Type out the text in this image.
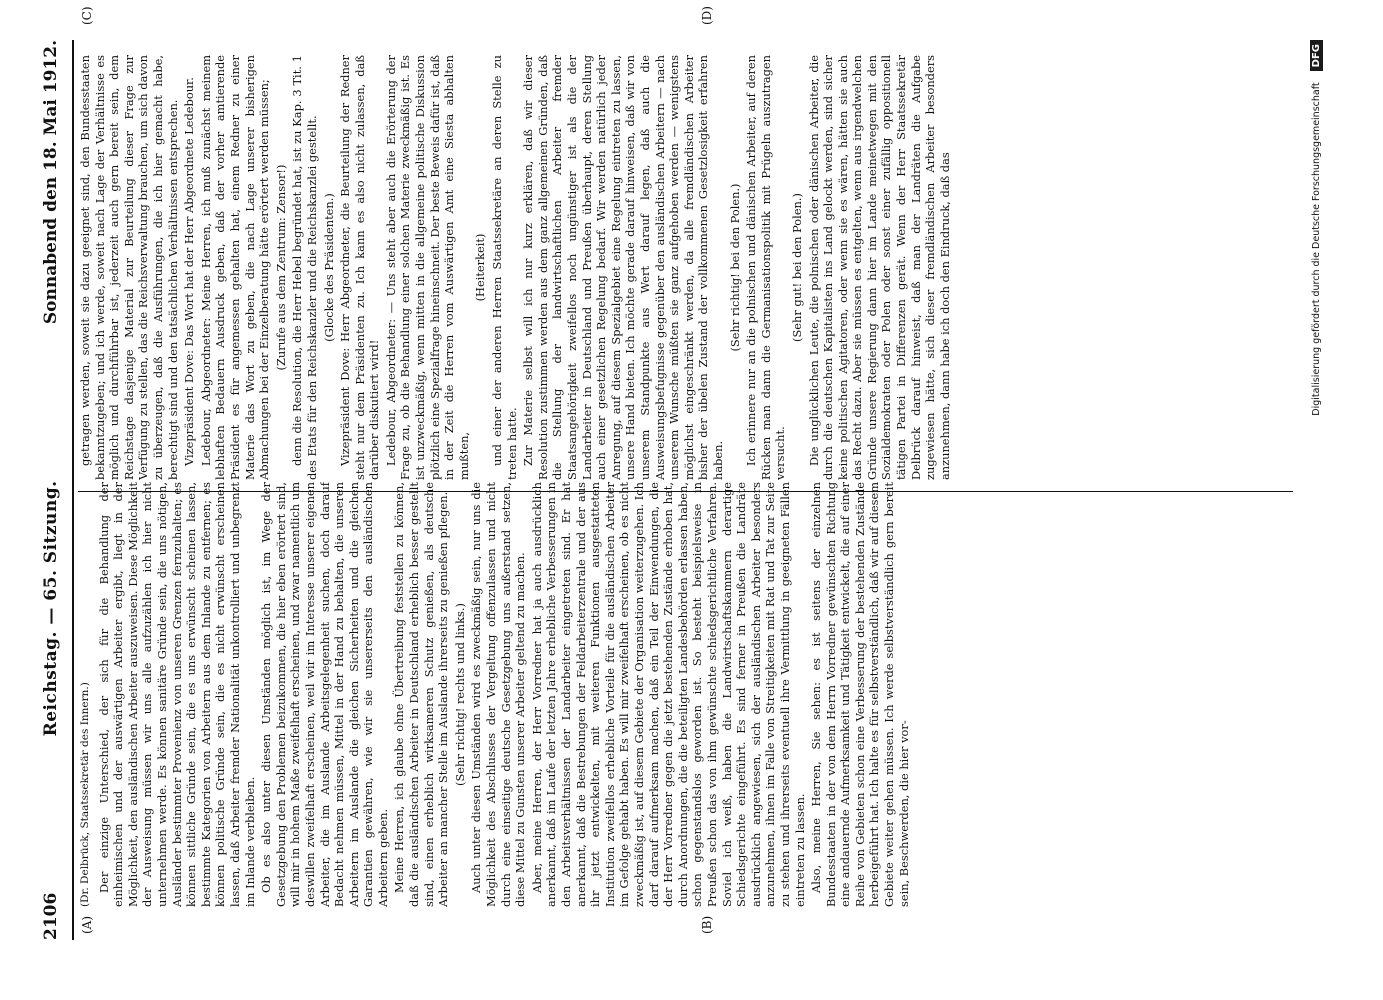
2106
Reichstag. — 65. Sitzung.
Sonnabend den 18. Mai 1912.
(A)	(B)
(C)	(D)

(Dr. Delbrück, Staatssekretär des Innern.) Der einzige Unterschied, der sich für die Behandlung der einheimischen und der auswärtigen Arbeiter ergibt, liegt in der Möglichkeit, den ausländischen Arbeiter auszuweisen. Diese Möglichkeit der Ausweisung müssen wir uns alle aufzuzählen ich hier nicht unternehmen werde. Es können sanitäre Gründe sein, die uns nötigen, Ausländer bestimmter Provenienz von unseren Grenzen fernzuhalten; es können sittliche Gründe sein, die es uns erwünscht scheinen lassen, bestimmte Kategorien von Arbeitern aus dem Inlande zu entfernen; es können politische Gründe sein, die es nicht erwünscht erscheinen lassen, daß Arbeiter fremder Nationalität unkontrolliert und unbegrenzt im Inlande verbleiben. Ob es also unter diesen Umständen möglich ist, im Wege der Gesetzgebung den Problemen beizukommen, die hier eben erörtert sind, will mir in hohem Maße zweifelhaft erscheinen, und zwar namentlich um deswillen zweifelhaft erscheinen, weil wir im Interesse unserer eigenen Arbeiter, die im Auslande Arbeitsgelegenheit suchen, doch darauf Bedacht nehmen müssen, Mittel in der Hand zu behalten, die unseren Arbeitern im Auslande die gleichen Sicherheiten und die gleichen Garantien gewähren, wie wir sie unsererseits den ausländischen Arbeitern geben. Meine Herren, ich glaube ohne Übertreibung feststellen zu können, daß die ausländischen Arbeiter in Deutschland erheblich besser gestellt sind, einen erheblich wirksameren Schutz genießen, als deutsche Arbeiter an mancher Stelle im Auslande ihrerseits zu genießen pflegen. (Sehr richtig! rechts und links.) Auch unter diesen Umständen wird es zweckmäßig sein, nur uns die Möglichkeit des Abschlusses der Vergeltung offenzulassen und nicht durch eine einseitige deutsche Gesetzgebung uns außerstand setzen, diese Mittel zu Gunsten unserer Arbeiter geltend zu machen. Aber, meine Herren, der Herr Vorredner hat ja auch ausdrücklich anerkannt, daß im Laufe der letzten Jahre erhebliche Verbesserungen in den Arbeitsverhältnissen der Landarbeiter eingetreten sind. Er hat anerkannt, daß die Bestrebungen der Feldarbeiterzentrale und der aus ihr jetzt entwickelten, mit weiteren Funktionen ausgestatteten Institution zweifellos erhebliche Vorteile für die ausländischen Arbeiter im Gefolge gehabt haben. Es will mir zweifelhaft erscheinen, ob es nicht zweckmäßig ist, auf diesem Gebiete der Organisation weiterzugehen. Ich darf darauf aufmerksam machen, daß ein Teil der Einwendungen, die der Herr Vorredner gegen die jetzt bestehenden Zustände erhoben hat, durch Anordnungen, die die beteiligten Landesbehörden erlassen haben, schon gegenstandslos geworden ist. So besteht beispielsweise in Preußen schon das von ihm gewünschte schiedsgerichtliche Verfahren. Soviel ich weiß, haben die Landwirtschaftskammern derartige Schiedsgerichte eingeführt. Es sind ferner in Preußen die Landräte ausdrücklich angewiesen, sich der ausländischen Arbeiter besonders anzunehmen, ihnen im Falle von Streitigkeiten mit Rat und Tat zur Seite zu stehen und ihrerseits eventuell ihre Vermittlung in geeigneten Fällen eintreten zu lassen. Also, meine Herren, Sie sehen: es ist seitens der einzelnen Bundesstaaten in der von dem Herrn Vorredner gewünschten Richtung eine andauernde Aufmerksamkeit und Tätigkeit entwickelt, die auf einer Reihe von Gebieten schon eine Verbesserung der bestehenden Zustände herbeigeführt hat. Ich halte es für selbstverständlich, daß wir auf diesem Gebiete weiter gehen müssen. Ich werde selbstverständlich gern bereit sein, Beschwerden, die hier vor-

getragen werden, soweit sie dazu geeignet sind, den Bundesstaaten bekanntzugeben; und ich werde, soweit nach Lage der Verhältnisse es möglich und durchführbar ist, jederzeit auch gern bereit sein, dem Reichstage dasjenige Material zur Beurteilung dieser Frage zur Verfügung zu stellen, das die Reichsverwaltung brauchen, um sich davon zu überzeugen, daß die Ausführungen, die ich hier gemacht habe, berechtigt sind und den tatsächlichen Verhältnissen entsprechen. Vizepräsident Dove: Das Wort hat der Herr Abgeordnete Ledebour. Ledebour, Abgeordneter: Meine Herren, ich muß zunächst meinem lebhaften Bedauern Ausdruck geben, daß der vorher amtierende Präsident es für angemessen gehalten hat, einem Redner zu einer Materie das Wort zu geben, die nach Lage unserer bisherigen Abmachungen bei der Einzelberatung hätte erörtert werden müssen; (Zurufe aus dem Zentrum: Zensor!) denn die Resolution, die Herr Hebel begründet hat, ist zu Kap. 3 Tit. 1 des Etats für den Reichskanzler und die Reichskanzlei gestellt. (Glocke des Präsidenten.) Vizepräsident Dove: Herr Abgeordneter, die Beurteilung der Redner steht nur dem Präsidenten zu. Ich kann es also nicht zulassen, daß darüber diskutiert wird! Ledebour, Abgeordneter: — Uns steht aber auch die Erörterung der Frage zu, ob die Behandlung einer solchen Materie zweckmäßig ist. Es ist unzweckmäßig, wenn mitten in die allgemeine politische Diskussion plötzlich eine Spezialfrage hineinschneit. Der beste Beweis dafür ist, daß in der Zeit die Herren vom Auswärtigen Amt eine Siesta abhalten mußten,

(Heiterkeit) und einer der anderen Herren Staatssekretäre an deren Stelle zu treten hatte. Zur Materie selbst will ich nur kurz erklären, daß wir dieser Resolution zustimmen werden aus dem ganz allgemeinen Gründen, daß die Stellung der landwirtschaftlichen Arbeiter fremder Staatsangehörigkeit zweifellos noch ungünstiger ist als die der Landarbeiter in Deutschland und Preußen überhaupt, deren Stellung auch einer gesetzlichen Regelung bedarf. Wir werden natürlich jeder Anregung, auf diesem Spezialgebiet eine Regelung eintreten zu lassen, unsere Hand bieten. Ich möchte gerade darauf hinweisen, daß wir von unserem Standpunkte aus Wert darauf legen, daß auch die Ausweisungsbefugnisse gegenüber den ausländischen Arbeitern — nach unserem Wunsche müßten sie ganz aufgehoben werden — wenigstens möglichst eingeschränkt werden, da alle fremdländischen Arbeiter bisher der übelen Zustand der vollkommenen Gesetzlosigkeit erfahren haben.

(Sehr richtig! bei den Polen.) Ich erinnere nur an die polnischen und dänischen Arbeiter, auf deren Rücken man dann die Germanisationspolitik mit Prügeln auszutragen versucht.

(Sehr gut! bei den Polen.) Die unglücklichen Leute, die polnischen oder dänischen Arbeiter, die durch die deutschen Kapitalisten ins Land gelockt werden, sind sicher keine politischen Agitatoren, oder wenn sie es wären, hätten sie auch das Recht dazu. Aber sie müssen es entgelten, wenn aus irgendwelchen Gründe unsere Regierung dann hier im Lande meinetwegen mit den Sozialdemokraten oder Polen oder sonst einer zufällig oppositionell tätigen Partei in Differenzen gerät. Wenn der Herr Staatssekretär Delbrück darauf hinweist, daß man der Landräten die Aufgabe zugewiesen hätte, sich dieser fremdländischen Arbeiter besonders anzunehmen, dann habe ich doch den Eindruck, daß das	Digitalisierung gefördert durch die Deutsche Forschungsgemeinschaft DFG
